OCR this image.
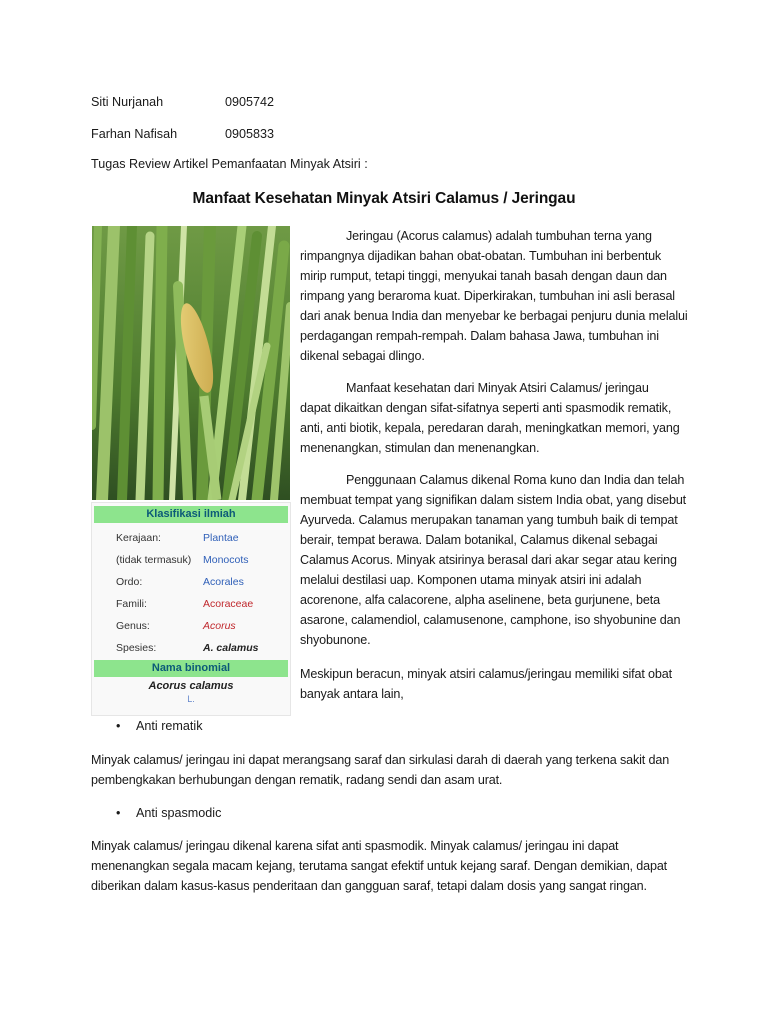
Siti Nurjanah	0905742
Farhan Nafisah	0905833
Tugas Review Artikel Pemanfaatan Minyak Atsiri :
Manfaat Kesehatan Minyak Atsiri Calamus / Jeringau
Klasifikasi ilmiah
Kerajaan:	Plantae
(tidak termasuk)	Monocots
Ordo:	Acorales
Famili:	Acoraceae
Genus:	Acorus
Spesies:	A. calamus
Nama binomial
Acorus calamus
L.

Jeringau (Acorus calamus) adalah tumbuhan terna yang rimpangnya dijadikan bahan obat-obatan. Tumbuhan ini berbentuk mirip rumput, tetapi tinggi, menyukai tanah basah dengan daun dan rimpang yang beraroma kuat. Diperkirakan, tumbuhan ini asli berasal dari anak benua India dan menyebar ke berbagai penjuru dunia melalui perdagangan rempah-rempah. Dalam bahasa Jawa, tumbuhan ini dikenal sebagai dlingo.

Manfaat kesehatan dari Minyak Atsiri Calamus/ jeringau dapat dikaitkan dengan sifat-sifatnya seperti anti spasmodik rematik, anti, anti biotik, kepala, peredaran darah, meningkatkan memori, yang menenangkan, stimulan dan menenangkan.

Penggunaan Calamus dikenal Roma kuno dan India dan telah membuat tempat yang signifikan dalam sistem India obat, yang disebut Ayurveda. Calamus merupakan tanaman yang tumbuh baik di tempat berair, tempat berawa. Dalam botanikal, Calamus dikenal sebagai Calamus Acorus. Minyak atsirinya berasal dari akar segar atau kering melalui destilasi uap. Komponen utama minyak atsiri ini adalah acorenone, alfa calacorene, alpha aselinene, beta gurjunene, beta asarone, calamendiol, calamusenone, camphone, iso shyobunine dan shyobunone.

Meskipun beracun, minyak atsiri calamus/jeringau memiliki sifat obat banyak antara lain,

• Anti rematik

Minyak calamus/ jeringau ini dapat merangsang saraf dan sirkulasi darah di daerah yang terkena sakit dan pembengkakan berhubungan dengan rematik, radang sendi dan asam urat.

• Anti spasmodic

Minyak calamus/ jeringau dikenal karena sifat anti spasmodik. Minyak calamus/ jeringau ini dapat menenangkan segala macam kejang, terutama sangat efektif untuk kejang saraf. Dengan demikian, dapat diberikan dalam kasus-kasus penderitaan dan gangguan saraf, tetapi dalam dosis yang sangat ringan.
